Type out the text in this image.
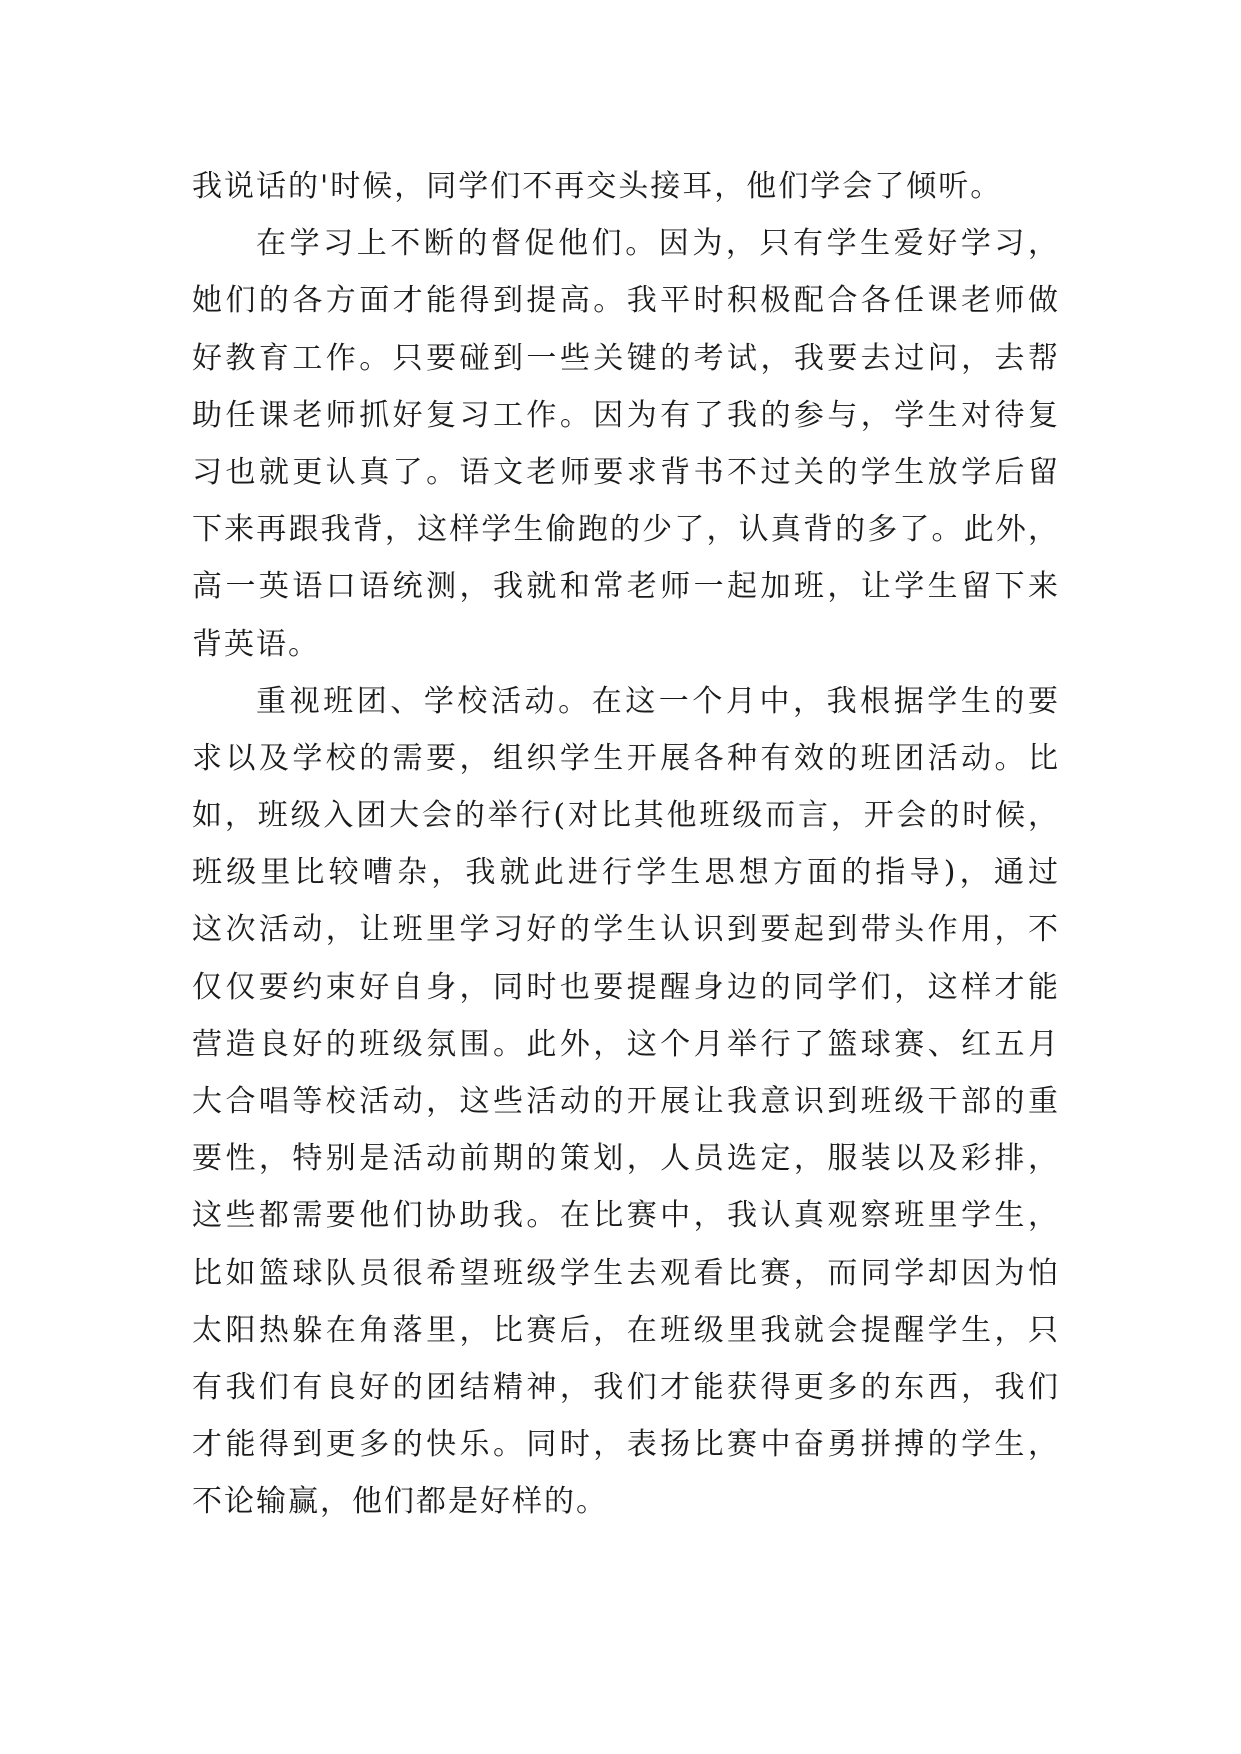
我说话的'时候，同学们不再交头接耳，他们学会了倾听。
在学习上不断的督促他们。因为，只有学生爱好学习，
她们的各方面才能得到提高。我平时积极配合各任课老师做
好教育工作。只要碰到一些关键的考试，我要去过问，去帮
助任课老师抓好复习工作。因为有了我的参与，学生对待复
习也就更认真了。语文老师要求背书不过关的学生放学后留
下来再跟我背，这样学生偷跑的少了，认真背的多了。此外，
高一英语口语统测，我就和常老师一起加班，让学生留下来
背英语。
重视班团、学校活动。在这一个月中，我根据学生的要
求以及学校的需要，组织学生开展各种有效的班团活动。比
如，班级入团大会的举行(对比其他班级而言，开会的时候，
班级里比较嘈杂，我就此进行学生思想方面的指导)，通过
这次活动，让班里学习好的学生认识到要起到带头作用，不
仅仅要约束好自身，同时也要提醒身边的同学们，这样才能
营造良好的班级氛围。此外，这个月举行了篮球赛、红五月
大合唱等校活动，这些活动的开展让我意识到班级干部的重
要性，特别是活动前期的策划，人员选定，服装以及彩排，
这些都需要他们协助我。在比赛中，我认真观察班里学生，
比如篮球队员很希望班级学生去观看比赛，而同学却因为怕
太阳热躲在角落里，比赛后，在班级里我就会提醒学生，只
有我们有良好的团结精神，我们才能获得更多的东西，我们
才能得到更多的快乐。同时，表扬比赛中奋勇拼搏的学生，
不论输赢，他们都是好样的。
